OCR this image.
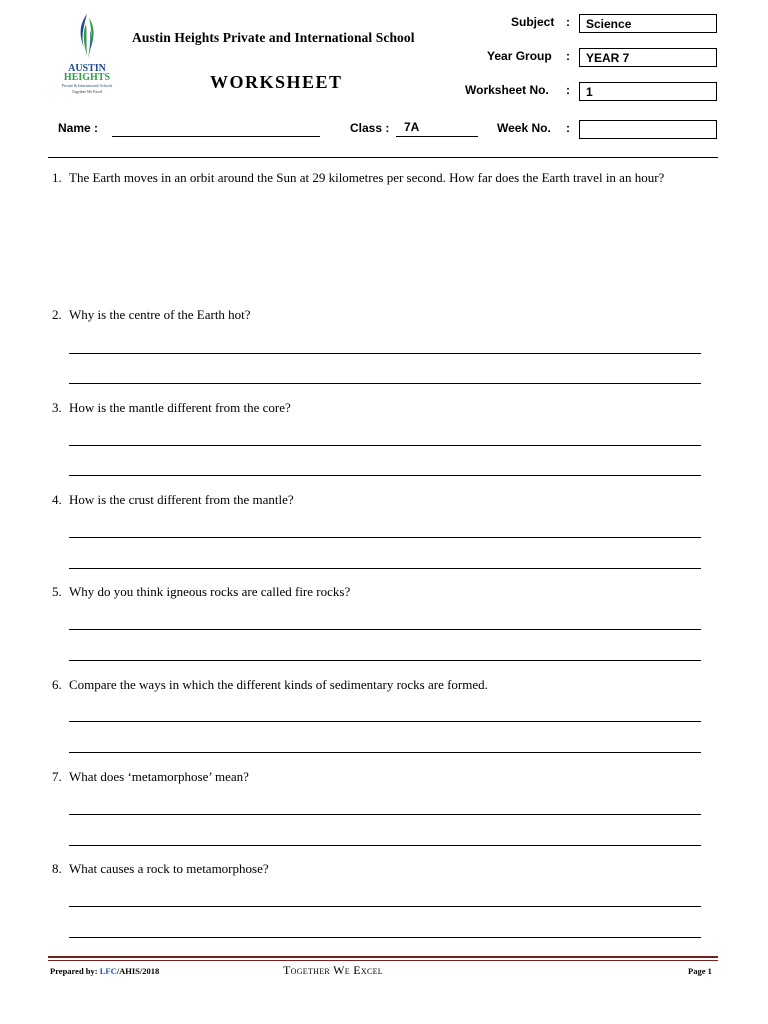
AUSTIN
HEIGHTS
Private & International Schools
Together We Excel
Austin Heights Private and International School
WORKSHEET
Subject :	Science
Year Group :	YEAR 7
Worksheet No. :	1
Week No. :
Name :	Class : 7A
1. The Earth moves in an orbit around the Sun at 29 kilometres per second. How far does the Earth travel in an hour?
2. Why is the centre of the Earth hot?
3. How is the mantle different from the core?
4. How is the crust different from the mantle?
5. Why do you think igneous rocks are called fire rocks?
6. Compare the ways in which the different kinds of sedimentary rocks are formed.
7. What does ‘metamorphose’ mean?
8. What causes a rock to metamorphose?
Prepared by: LFC/AHIS/2018	Together We Excel	Page 1
